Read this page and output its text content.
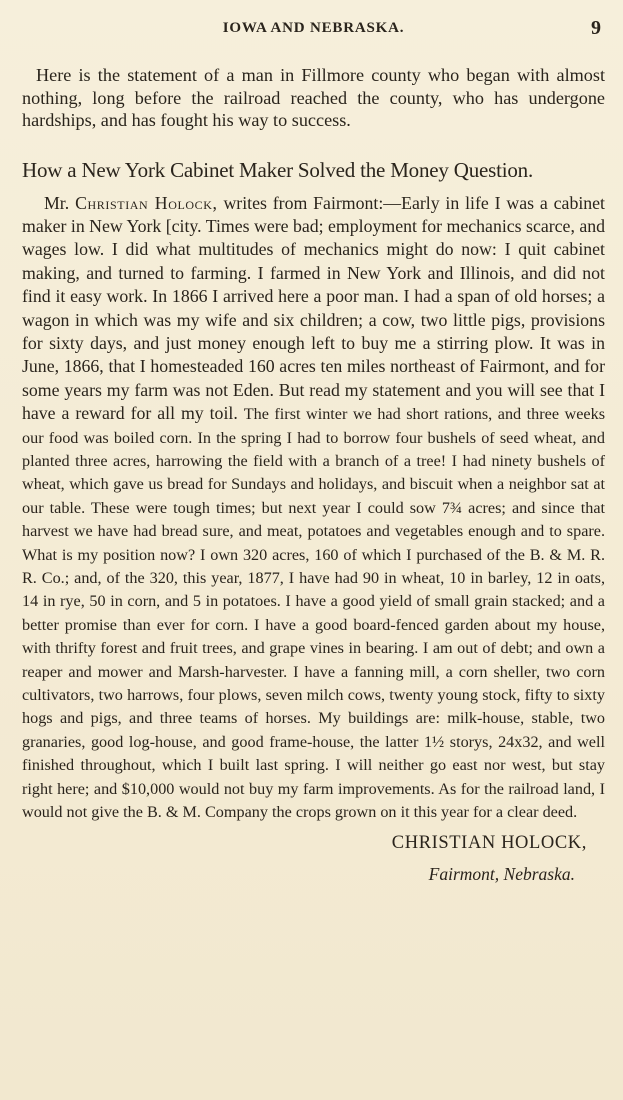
IOWA AND NEBRASKA.	9

Here is the statement of a man in Fillmore county who began with almost nothing, long before the railroad reached the county, who has undergone hardships, and has fought his way to success.

How a New York Cabinet Maker Solved the Money Question.

Mr. Christian Holock, writes from Fairmont:—Early in life I was a cabinet maker in New York [city. Times were bad; employment for mechanics scarce, and wages low. I did what multitudes of mechanics might do now: I quit cabinet making, and turned to farming. I farmed in New York and Illinois, and did not find it easy work. In 1866 I arrived here a poor man. I had a span of old horses; a wagon in which was my wife and six children; a cow, two little pigs, provisions for sixty days, and just money enough left to buy me a stirring plow. It was in June, 1866, that I homesteaded 160 acres ten miles northeast of Fairmont, and for some years my farm was not Eden. But read my statement and you will see that I have a reward for all my toil. The first winter we had short rations, and three weeks our food was boiled corn. In the spring I had to borrow four bushels of seed wheat, and planted three acres, harrowing the field with a branch of a tree! I had ninety bushels of wheat, which gave us bread for Sundays and holidays, and biscuit when a neighbor sat at our table. These were tough times; but next year I could sow 7¾ acres; and since that harvest we have had bread sure, and meat, potatoes and vegetables enough and to spare. What is my position now? I own 320 acres, 160 of which I purchased of the B. & M. R. R. Co.; and, of the 320, this year, 1877, I have had 90 in wheat, 10 in barley, 12 in oats, 14 in rye, 50 in corn, and 5 in potatoes. I have a good yield of small grain stacked; and a better promise than ever for corn. I have a good board-fenced garden about my house, with thrifty forest and fruit trees, and grape vines in bearing. I am out of debt; and own a reaper and mower and Marsh-harvester. I have a fanning mill, a corn sheller, two corn cultivators, two harrows, four plows, seven milch cows, twenty young stock, fifty to sixty hogs and pigs, and three teams of horses. My buildings are: milk-house, stable, two granaries, good log-house, and good frame-house, the latter 1½ storys, 24x32, and well finished throughout, which I built last spring. I will neither go east nor west, but stay right here; and $10,000 would not buy my farm improvements. As for the railroad land, I would not give the B. & M. Company the crops grown on it this year for a clear deed.

CHRISTIAN HOLOCK,
Fairmont, Nebraska.
